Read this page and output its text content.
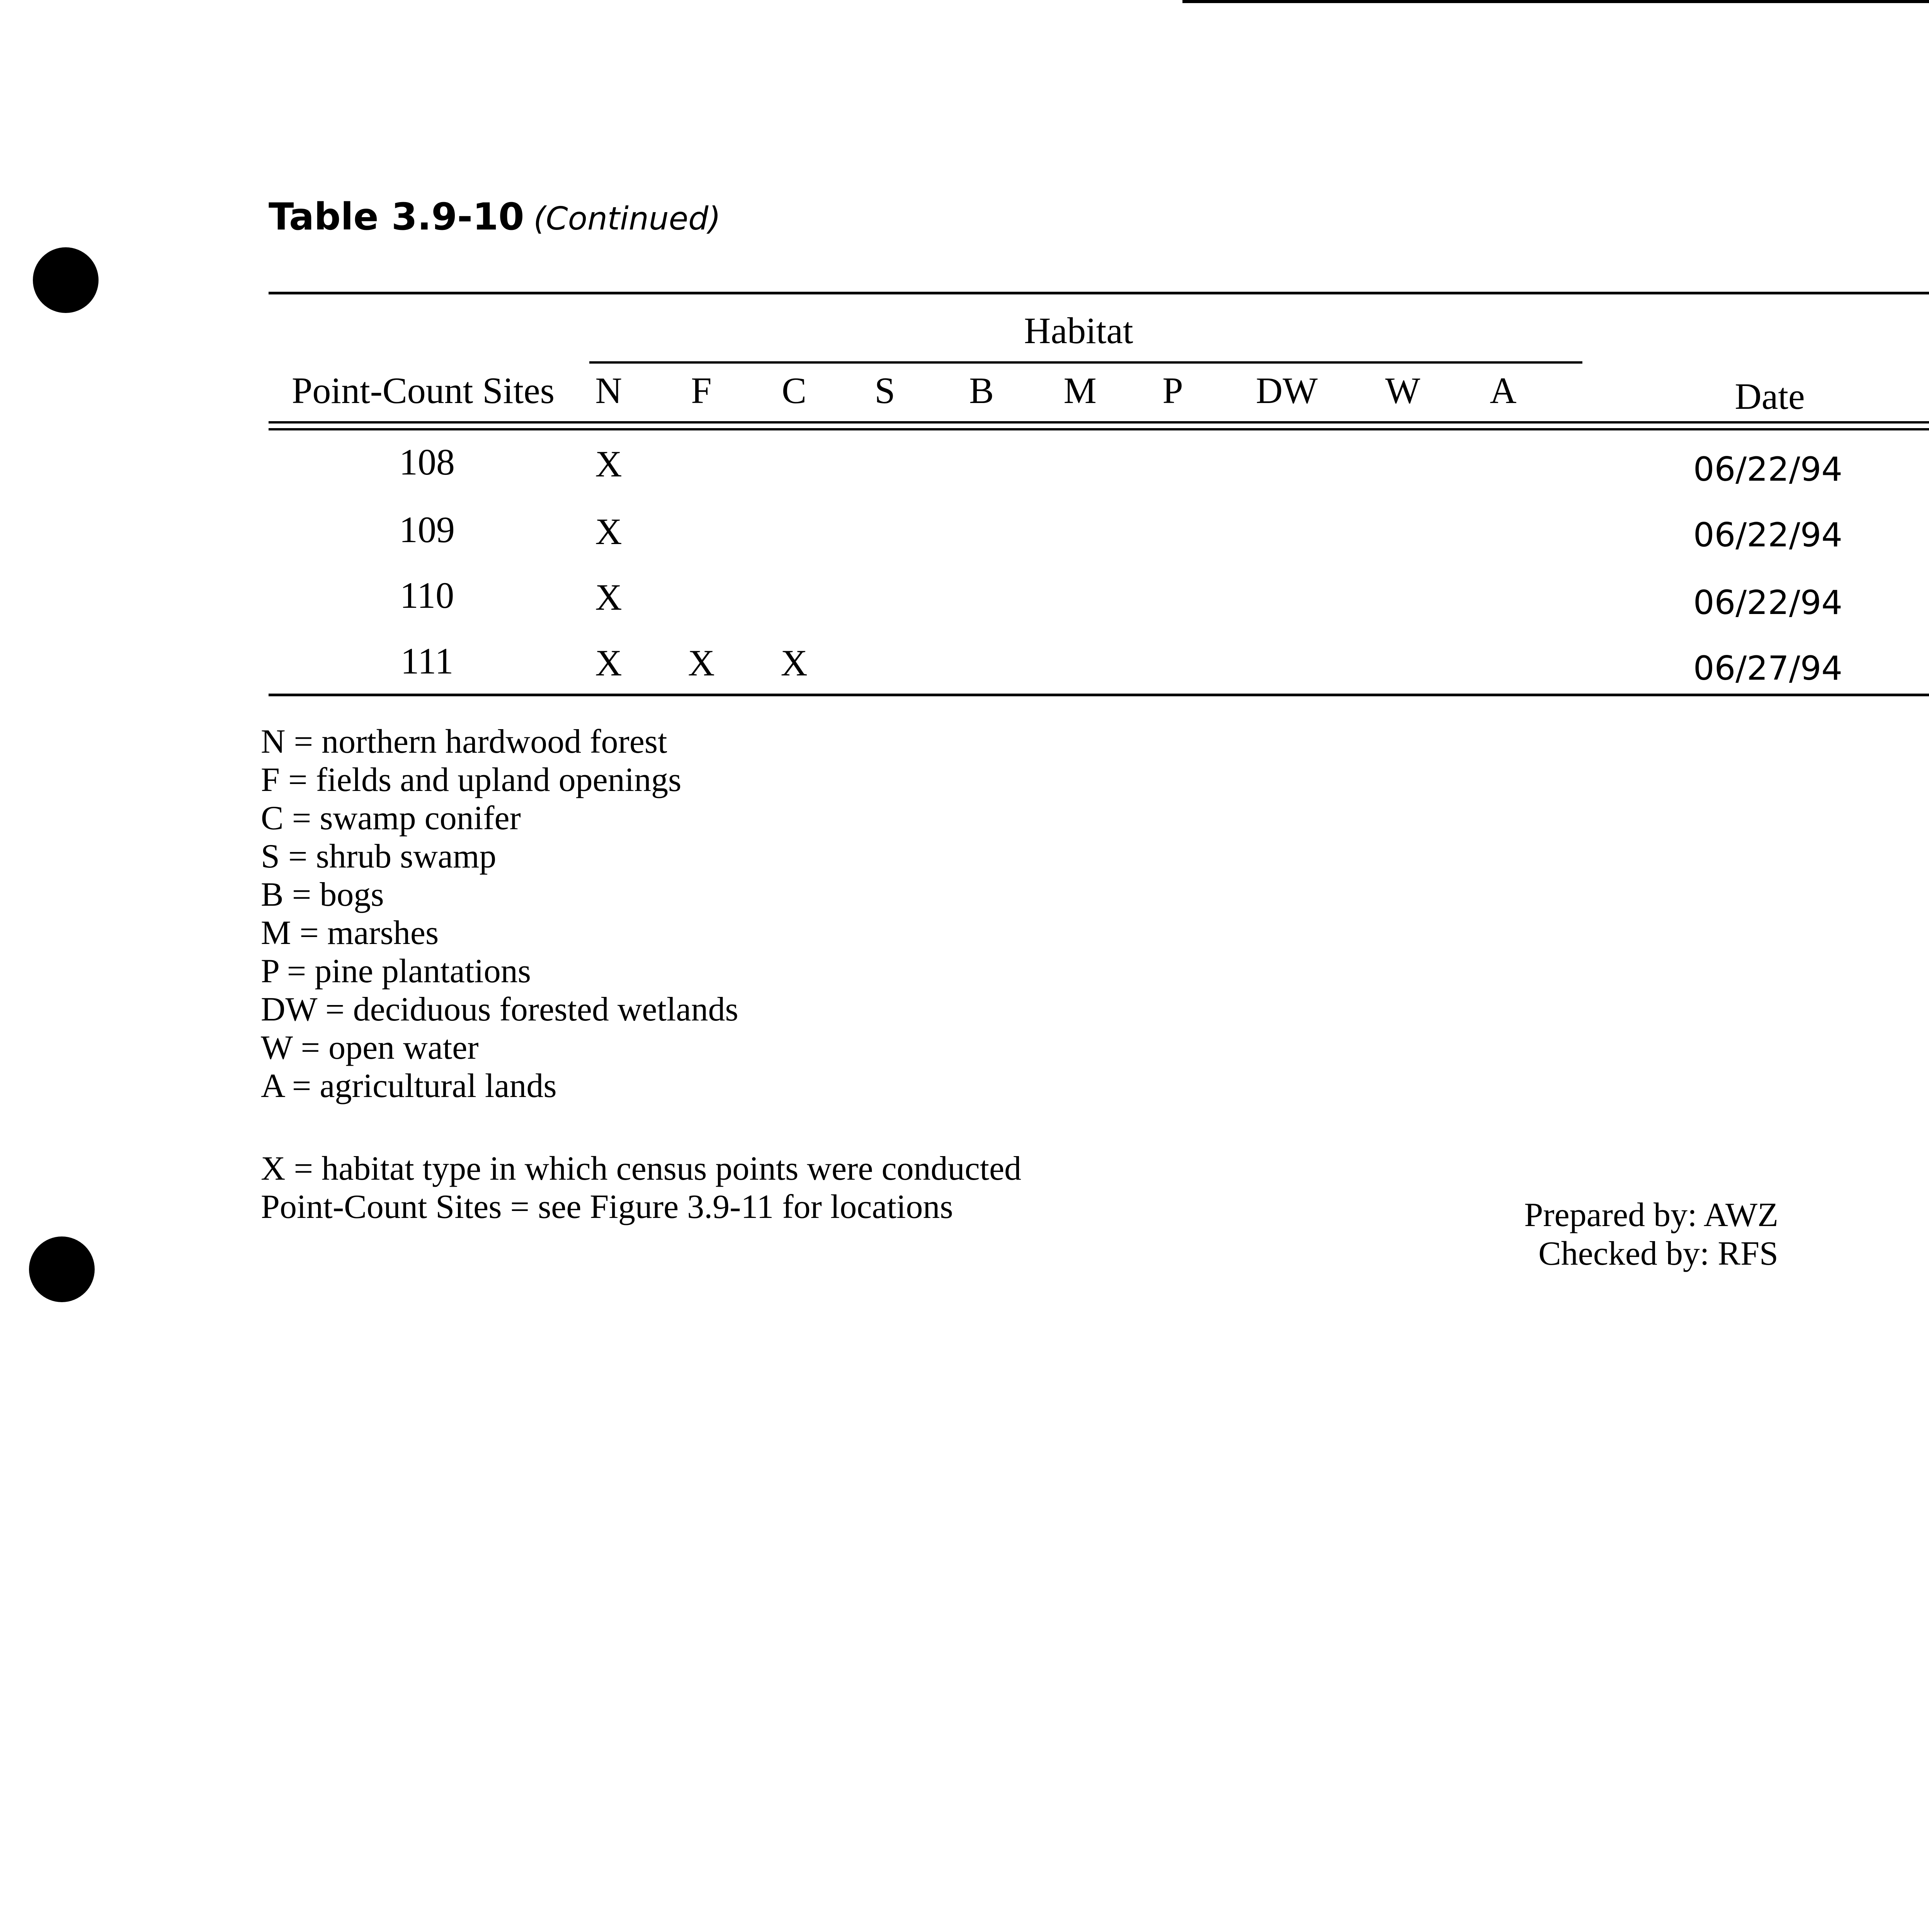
Table 3.9-10 (Continued)
Habitat
Point-Count Sites N F C S B M P DW W A	Date
108	X	06/22/94
109	X	06/22/94
110	X	06/22/94
111	X X X	06/27/94
N = northern hardwood forest
F = fields and upland openings
C = swamp conifer
S = shrub swamp
B = bogs
M = marshes
P = pine plantations
DW = deciduous forested wetlands
W = open water
A = agricultural lands
X = habitat type in which census points were conducted
Point-Count Sites = see Figure 3.9-11 for locations	Prepared by: AWZ
Checked by: RFS
